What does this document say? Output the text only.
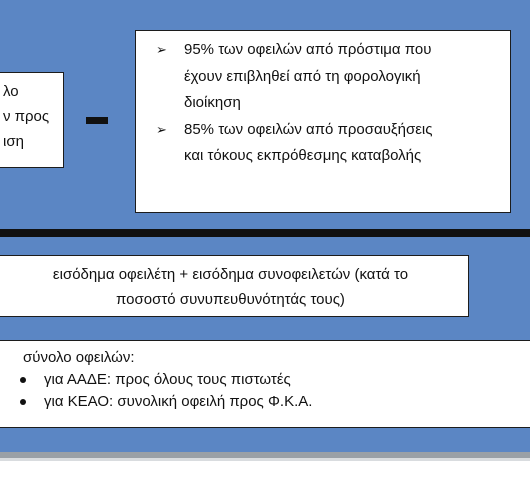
λο
ν προς
ιση
➢	95% των οφειλών από πρόστιμα που
έχουν επιβληθεί από τη φορολογική
διοίκηση
➢	85% των οφειλών από προσαυξήσεις
και τόκους εκπρόθεσμης καταβολής
εισόδημα οφειλέτη + εισόδημα συνοφειλετών (κατά το
ποσοστό συνυπευθυνότητάς τους)
σύνολο οφειλών:
για ΑΑΔΕ: προς όλους τους πιστωτές
για ΚΕΑΟ: συνολική οφειλή προς Φ.Κ.Α.
